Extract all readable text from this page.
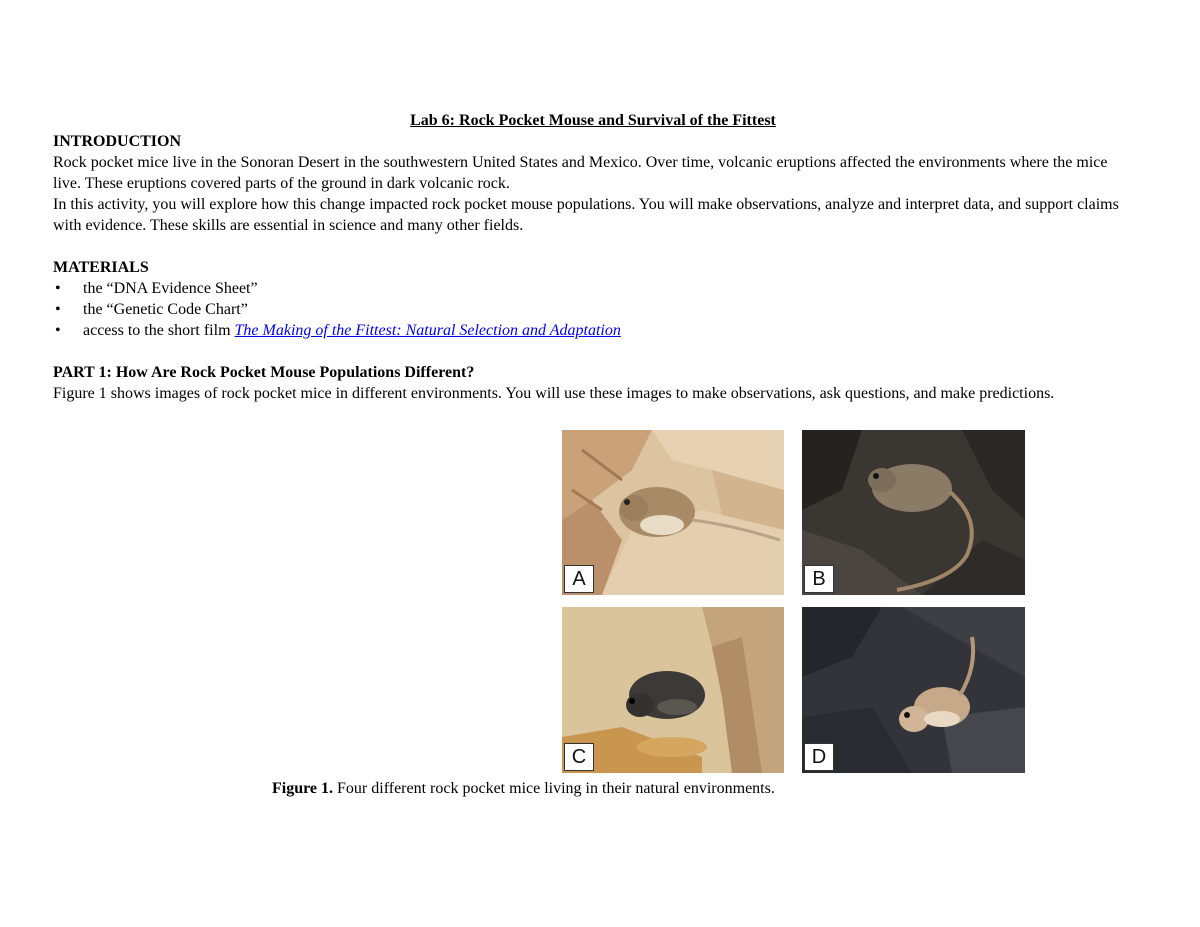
Lab 6: Rock Pocket Mouse and Survival of the Fittest

INTRODUCTION

Rock pocket mice live in the Sonoran Desert in the southwestern United States and Mexico. Over time, volcanic eruptions affected the environments where the mice live. These eruptions covered parts of the ground in dark volcanic rock.

In this activity, you will explore how this change impacted rock pocket mouse populations. You will make observations, analyze and interpret data, and support claims with evidence. These skills are essential in science and many other fields.

MATERIALS

•	the “DNA Evidence Sheet”
•	the “Genetic Code Chart”
•	access to the short film The Making of the Fittest: Natural Selection and Adaptation

PART 1: How Are Rock Pocket Mouse Populations Different?

Figure 1 shows images of rock pocket mice in different environments. You will use these images to make observations, ask questions, and make predictions.

A	B
C	D
Figure 1. Four different rock pocket mice living in their natural environments.
